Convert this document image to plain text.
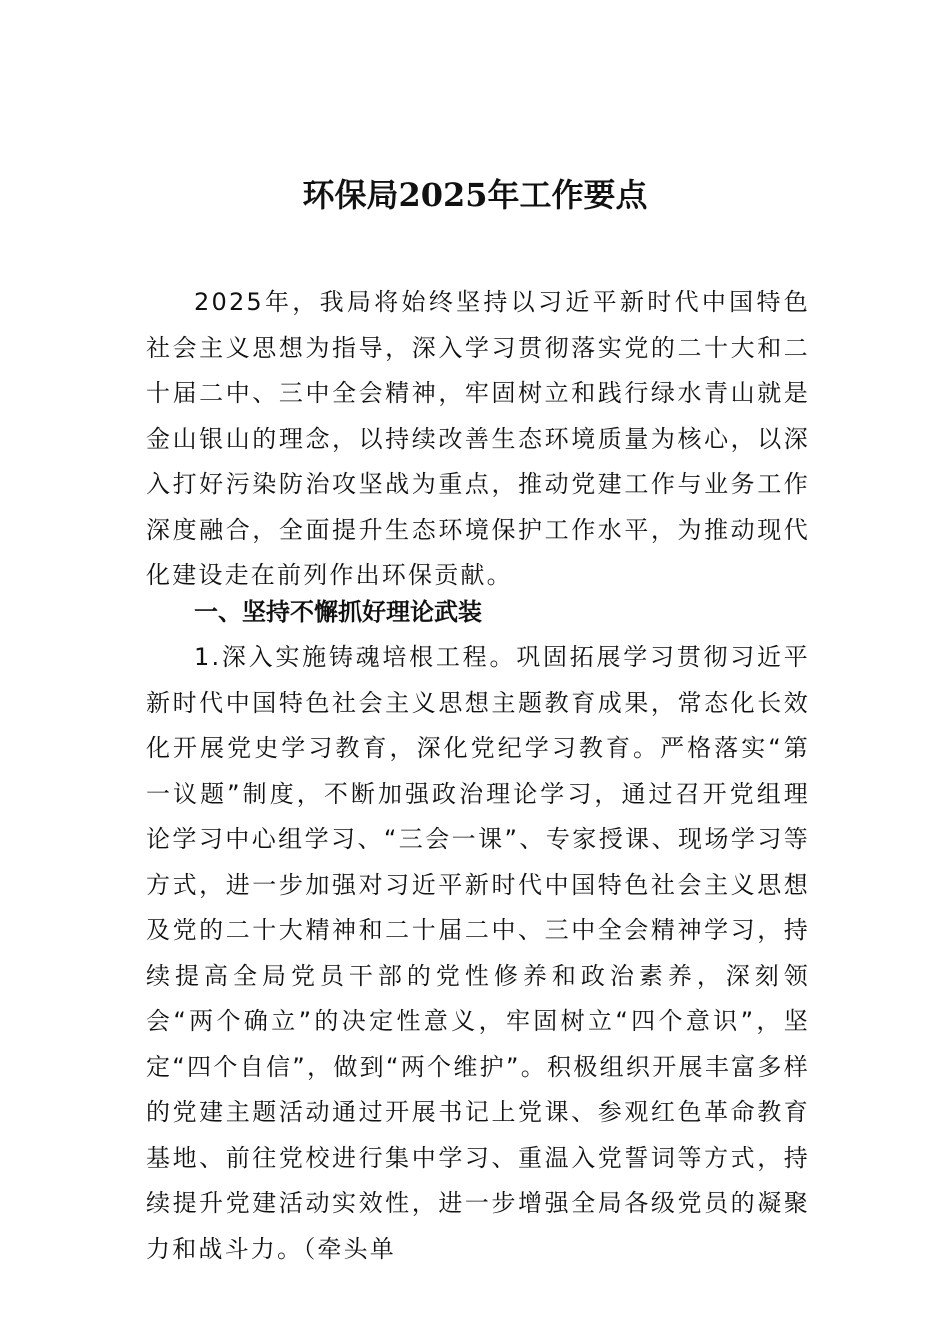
环保局2025年工作要点

2025年，我局将始终坚持以习近平新时代中国特色社会主义思想为指导，深入学习贯彻落实党的二十大和二十届二中、三中全会精神，牢固树立和践行绿水青山就是金山银山的理念，以持续改善生态环境质量为核心，以深入打好污染防治攻坚战为重点，推动党建工作与业务工作深度融合，全面提升生态环境保护工作水平，为推动现代化建设走在前列作出环保贡献。

一、坚持不懈抓好理论武装

1.深入实施铸魂培根工程。巩固拓展学习贯彻习近平新时代中国特色社会主义思想主题教育成果，常态化长效化开展党史学习教育，深化党纪学习教育。严格落实“第一议题”制度，不断加强政治理论学习，通过召开党组理论学习中心组学习、“三会一课”、专家授课、现场学习等方式，进一步加强对习近平新时代中国特色社会主义思想及党的二十大精神和二十届二中、三中全会精神学习，持续提高全局党员干部的党性修养和政治素养，深刻领会“两个确立”的决定性意义，牢固树立“四个意识”，坚定“四个自信”，做到“两个维护”。积极组织开展丰富多样的党建主题活动通过开展书记上党课、参观红色革命教育基地、前往党校进行集中学习、重温入党誓词等方式，持续提升党建活动实效性，进一步增强全局各级党员的凝聚力和战斗力。（牵头单
